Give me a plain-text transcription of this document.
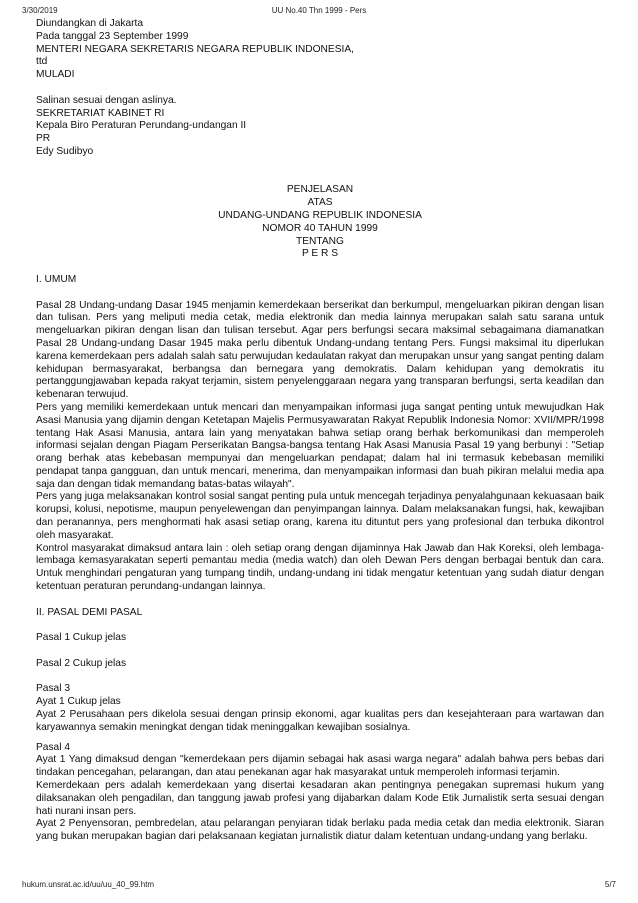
3/30/2019	UU No.40 Thn 1999 - Pers

Diundangkan di Jakarta

Pada tanggal 23 September 1999

MENTERI NEGARA SEKRETARIS NEGARA REPUBLIK INDONESIA,

ttd

MULADI

Salinan sesuai dengan aslinya.

SEKRETARIAT KABINET RI

Kepala Biro Peraturan Perundang-undangan II

PR

Edy Sudibyo

PENJELASAN

ATAS

UNDANG-UNDANG REPUBLIK INDONESIA

NOMOR 40 TAHUN 1999

TENTANG

P E R S

I. UMUM

Pasal 28 Undang-undang Dasar 1945 menjamin kemerdekaan berserikat dan berkumpul, mengeluarkan pikiran dengan lisan dan tulisan. Pers yang meliputi media cetak, media elektronik dan media lainnya merupakan salah satu sarana untuk mengeluarkan pikiran dengan lisan dan tulisan tersebut. Agar pers berfungsi secara maksimal sebagaimana diamanatkan Pasal 28 Undang-undang Dasar 1945 maka perlu dibentuk Undang-undang tentang Pers. Fungsi maksimal itu diperlukan karena kemerdekaan pers adalah salah satu perwujudan kedaulatan rakyat dan merupakan unsur yang sangat penting dalam kehidupan bermasyarakat, berbangsa dan bernegara yang demokratis. Dalam kehidupan yang demokratis itu pertanggungjawaban kepada rakyat terjamin, sistem penyelenggaraan negara yang transparan berfungsi, serta keadilan dan kebenaran terwujud.

Pers yang memiliki kemerdekaan untuk mencari dan menyampaikan informasi juga sangat penting untuk mewujudkan Hak Asasi Manusia yang dijamin dengan Ketetapan Majelis Permusyawaratan Rakyat Republik Indonesia Nomor: XVII/MPR/1998 tentang Hak Asasi Manusia, antara lain yang menyatakan bahwa setiap orang berhak berkomunikasi dan memperoleh informasi sejalan dengan Piagam Perserikatan Bangsa-bangsa tentang Hak Asasi Manusia Pasal 19 yang berbunyi : "Setiap orang berhak atas kebebasan mempunyai dan mengeluarkan pendapat; dalam hal ini termasuk kebebasan memiliki pendapat tanpa gangguan, dan untuk mencari, menerima, dan menyampaikan informasi dan buah pikiran melalui media apa saja dan dengan tidak memandang batas-batas wilayah".

Pers yang juga melaksanakan kontrol sosial sangat penting pula untuk mencegah terjadinya penyalahgunaan kekuasaan baik korupsi, kolusi, nepotisme, maupun penyelewengan dan penyimpangan lainnya. Dalam melaksanakan fungsi, hak, kewajiban dan peranannya, pers menghormati hak asasi setiap orang, karena itu dituntut pers yang profesional dan terbuka dikontrol oleh masyarakat.

Kontrol masyarakat dimaksud antara lain : oleh setiap orang dengan dijaminnya Hak Jawab dan Hak Koreksi, oleh lembaga-lembaga kemasyarakatan seperti pemantau media (media watch) dan oleh Dewan Pers dengan berbagai bentuk dan cara. Untuk menghindari pengaturan yang tumpang tindih, undang-undang ini tidak mengatur ketentuan yang sudah diatur dengan ketentuan peraturan perundang-undangan lainnya.

II. PASAL DEMI PASAL

Pasal 1 Cukup jelas

Pasal 2 Cukup jelas

Pasal 3

Ayat 1 Cukup jelas

Ayat 2 Perusahaan pers dikelola sesuai dengan prinsip ekonomi, agar kualitas pers dan kesejahteraan para wartawan dan karyawannya semakin meningkat dengan tidak meninggalkan kewajiban sosialnya.

Pasal 4

Ayat 1 Yang dimaksud dengan "kemerdekaan pers dijamin sebagai hak asasi warga negara" adalah bahwa pers bebas dari tindakan pencegahan, pelarangan, dan atau penekanan agar hak masyarakat untuk memperoleh informasi terjamin.

Kemerdekaan pers adalah kemerdekaan yang disertai kesadaran akan pentingnya penegakan supremasi hukum yang dilaksanakan oleh pengadilan, dan tanggung jawab profesi yang dijabarkan dalam Kode Etik Jurnalistik serta sesuai dengan hati nurani insan pers.

Ayat 2 Penyensoran, pembredelan, atau pelarangan penyiaran tidak berlaku pada media cetak dan media elektronik. Siaran yang bukan merupakan bagian dari pelaksanaan kegiatan jurnalistik diatur dalam ketentuan undang-undang yang berlaku.

hukum.unsrat.ac.id/uu/uu_40_99.htm	5/7
